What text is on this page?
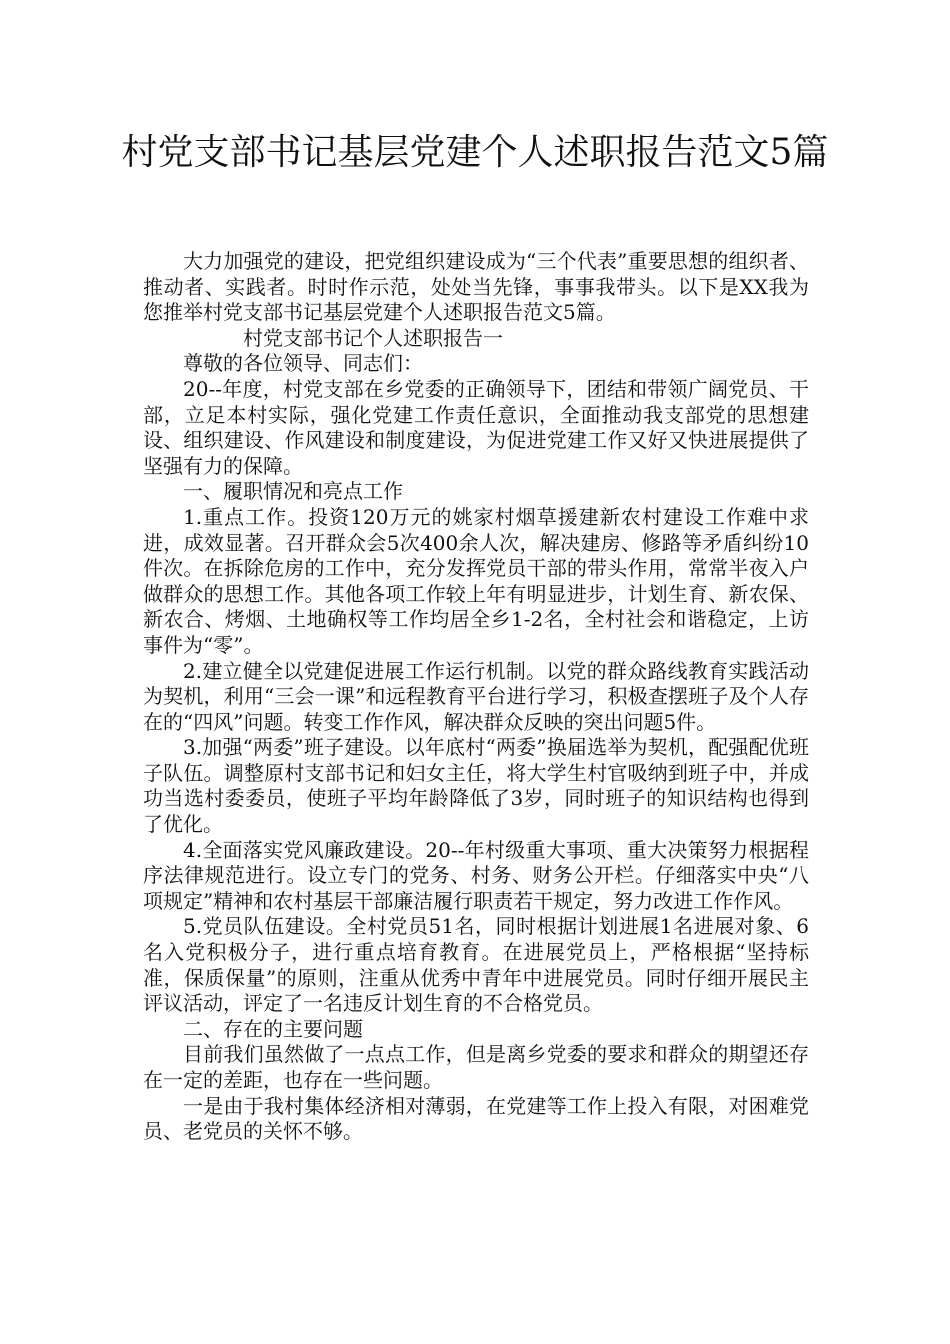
村党支部书记基层党建个人述职报告范文5篇

大力加强党的建设，把党组织建设成为“三个代表”重要思想的组织者、推动者、实践者。时时作示范，处处当先锋，事事我带头。以下是XX我为您推举村党支部书记基层党建个人述职报告范文5篇。

村党支部书记个人述职报告一

尊敬的各位领导、同志们：

20--年度，村党支部在乡党委的正确领导下，团结和带领广阔党员、干部，立足本村实际，强化党建工作责任意识，全面推动我支部党的思想建设、组织建设、作风建设和制度建设，为促进党建工作又好又快进展提供了坚强有力的保障。

一、履职情况和亮点工作

1.重点工作。投资120万元的姚家村烟草援建新农村建设工作难中求进，成效显著。召开群众会5次400余人次，解决建房、修路等矛盾纠纷10件次。在拆除危房的工作中，充分发挥党员干部的带头作用，常常半夜入户做群众的思想工作。其他各项工作较上年有明显进步，计划生育、新农保、新农合、烤烟、土地确权等工作均居全乡1-2名，全村社会和谐稳定，上访事件为“零”。

2.建立健全以党建促进展工作运行机制。以党的群众路线教育实践活动为契机，利用“三会一课”和远程教育平台进行学习，积极查摆班子及个人存在的“四风”问题。转变工作作风，解决群众反映的突出问题5件。

3.加强“两委”班子建设。以年底村“两委”换届选举为契机，配强配优班子队伍。调整原村支部书记和妇女主任，将大学生村官吸纳到班子中，并成功当选村委委员，使班子平均年龄降低了3岁，同时班子的知识结构也得到了优化。

4.全面落实党风廉政建设。20--年村级重大事项、重大决策努力根据程序法律规范进行。设立专门的党务、村务、财务公开栏。仔细落实中央“八项规定”精神和农村基层干部廉洁履行职责若干规定，努力改进工作作风。

5.党员队伍建设。全村党员51名，同时根据计划进展1名进展对象、6名入党积极分子，进行重点培育教育。在进展党员上，严格根据“坚持标准，保质保量”的原则，注重从优秀中青年中进展党员。同时仔细开展民主评议活动，评定了一名违反计划生育的不合格党员。

二、存在的主要问题

目前我们虽然做了一点点工作，但是离乡党委的要求和群众的期望还存在一定的差距，也存在一些问题。

一是由于我村集体经济相对薄弱，在党建等工作上投入有限，对困难党员、老党员的关怀不够。
